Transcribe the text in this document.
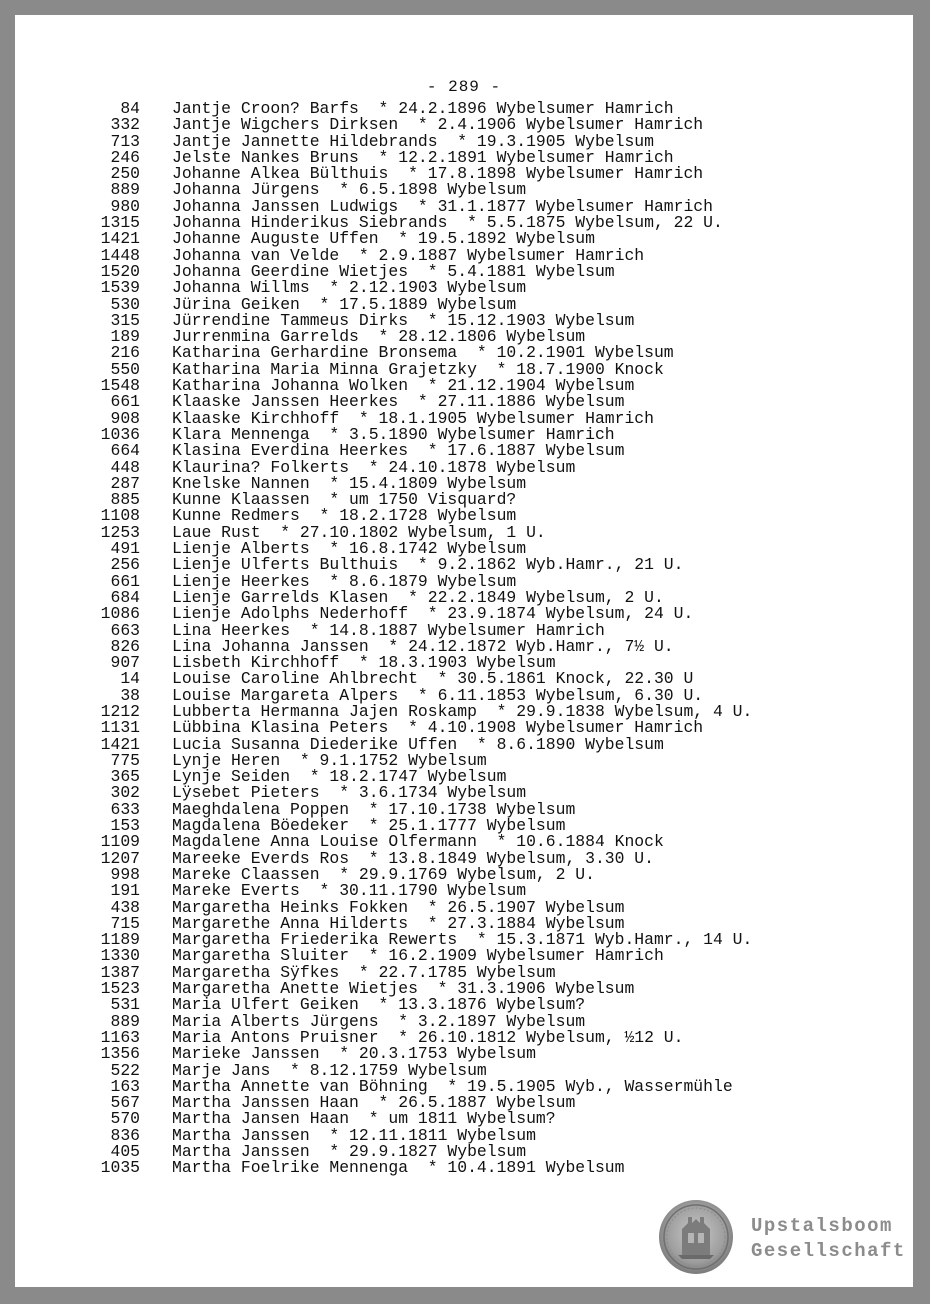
- 289 -
84 Jantje Croon? Barfs  * 24.2.1896 Wybelsumer Hamrich
332 Jantje Wigchers Dirksen  * 2.4.1906 Wybelsumer Hamrich
713 Jantje Jannette Hildebrands  * 19.3.1905 Wybelsum
246 Jelste Nankes Bruns  * 12.2.1891 Wybelsumer Hamrich
250 Johanne Alkea Bülthuis  * 17.8.1898 Wybelsumer Hamrich
889 Johanna Jürgens  * 6.5.1898 Wybelsum
980 Johanna Janssen Ludwigs  * 31.1.1877 Wybelsumer Hamrich
1315 Johanna Hinderikus Siebrands  * 5.5.1875 Wybelsum, 22 U.
1421 Johanne Auguste Uffen  * 19.5.1892 Wybelsum
1448 Johanna van Velde  * 2.9.1887 Wybelsumer Hamrich
1520 Johanna Geerdine Wietjes  * 5.4.1881 Wybelsum
1539 Johanna Willms  * 2.12.1903 Wybelsum
530 Jürina Geiken  * 17.5.1889 Wybelsum
315 Jürrendine Tammeus Dirks  * 15.12.1903 Wybelsum
189 Jurrenmina Garrelds  * 28.12.1806 Wybelsum
216 Katharina Gerhardine Bronsema  * 10.2.1901 Wybelsum
550 Katharina Maria Minna Grajetzky  * 18.7.1900 Knock
1548 Katharina Johanna Wolken  * 21.12.1904 Wybelsum
661 Klaaske Janssen Heerkes  * 27.11.1886 Wybelsum
908 Klaaske Kirchhoff  * 18.1.1905 Wybelsumer Hamrich
1036 Klara Mennenga  * 3.5.1890 Wybelsumer Hamrich
664 Klasina Everdina Heerkes  * 17.6.1887 Wybelsum
448 Klaurina? Folkerts  * 24.10.1878 Wybelsum
287 Knelske Nannen  * 15.4.1809 Wybelsum
885 Kunne Klaassen  * um 1750 Visquard?
1108 Kunne Redmers  * 18.2.1728 Wybelsum
1253 Laue Rust  * 27.10.1802 Wybelsum, 1 U.
491 Lienje Alberts  * 16.8.1742 Wybelsum
256 Lienje Ulferts Bulthuis  * 9.2.1862 Wyb.Hamr., 21 U.
661 Lienje Heerkes  * 8.6.1879 Wybelsum
684 Lienje Garrelds Klasen  * 22.2.1849 Wybelsum, 2 U.
1086 Lienje Adolphs Nederhoff  * 23.9.1874 Wybelsum, 24 U.
663 Lina Heerkes  * 14.8.1887 Wybelsumer Hamrich
826 Lina Johanna Janssen  * 24.12.1872 Wyb.Hamr., 7½ U.
907 Lisbeth Kirchhoff  * 18.3.1903 Wybelsum
14 Louise Caroline Ahlbrecht  * 30.5.1861 Knock, 22.30 U
38 Louise Margareta Alpers  * 6.11.1853 Wybelsum, 6.30 U.
1212 Lubberta Hermanna Jajen Roskamp  * 29.9.1838 Wybelsum, 4 U.
1131 Lübbina Klasina Peters  * 4.10.1908 Wybelsumer Hamrich
1421 Lucia Susanna Diederike Uffen  * 8.6.1890 Wybelsum
775 Lynje Heren  * 9.1.1752 Wybelsum
365 Lynje Seiden  * 18.2.1747 Wybelsum
302 Lÿsebet Pieters  * 3.6.1734 Wybelsum
633 Maeghdalena Poppen  * 17.10.1738 Wybelsum
153 Magdalena Böedeker  * 25.1.1777 Wybelsum
1109 Magdalene Anna Louise Olfermann  * 10.6.1884 Knock
1207 Mareeke Everds Ros  * 13.8.1849 Wybelsum, 3.30 U.
998 Mareke Claassen  * 29.9.1769 Wybelsum, 2 U.
191 Mareke Everts  * 30.11.1790 Wybelsum
438 Margaretha Heinks Fokken  * 26.5.1907 Wybelsum
715 Margarethe Anna Hilderts  * 27.3.1884 Wybelsum
1189 Margaretha Friederika Rewerts  * 15.3.1871 Wyb.Hamr., 14 U.
1330 Margaretha Sluiter  * 16.2.1909 Wybelsumer Hamrich
1387 Margaretha Sÿfkes  * 22.7.1785 Wybelsum
1523 Margaretha Anette Wietjes  * 31.3.1906 Wybelsum
531 Maria Ulfert Geiken  * 13.3.1876 Wybelsum?
889 Maria Alberts Jürgens  * 3.2.1897 Wybelsum
1163 Maria Antons Pruisner  * 26.10.1812 Wybelsum, ½12 U.
1356 Marieke Janssen  * 20.3.1753 Wybelsum
522 Marje Jans  * 8.12.1759 Wybelsum
163 Martha Annette van Böhning  * 19.5.1905 Wyb., Wassermühle
567 Martha Janssen Haan  * 26.5.1887 Wybelsum
570 Martha Jansen Haan  * um 1811 Wybelsum?
836 Martha Janssen  * 12.11.1811 Wybelsum
405 Martha Janssen  * 29.9.1827 Wybelsum
1035 Martha Foelrike Mennenga  * 10.4.1891 Wybelsum
Upstalsboom
Gesellschaft
